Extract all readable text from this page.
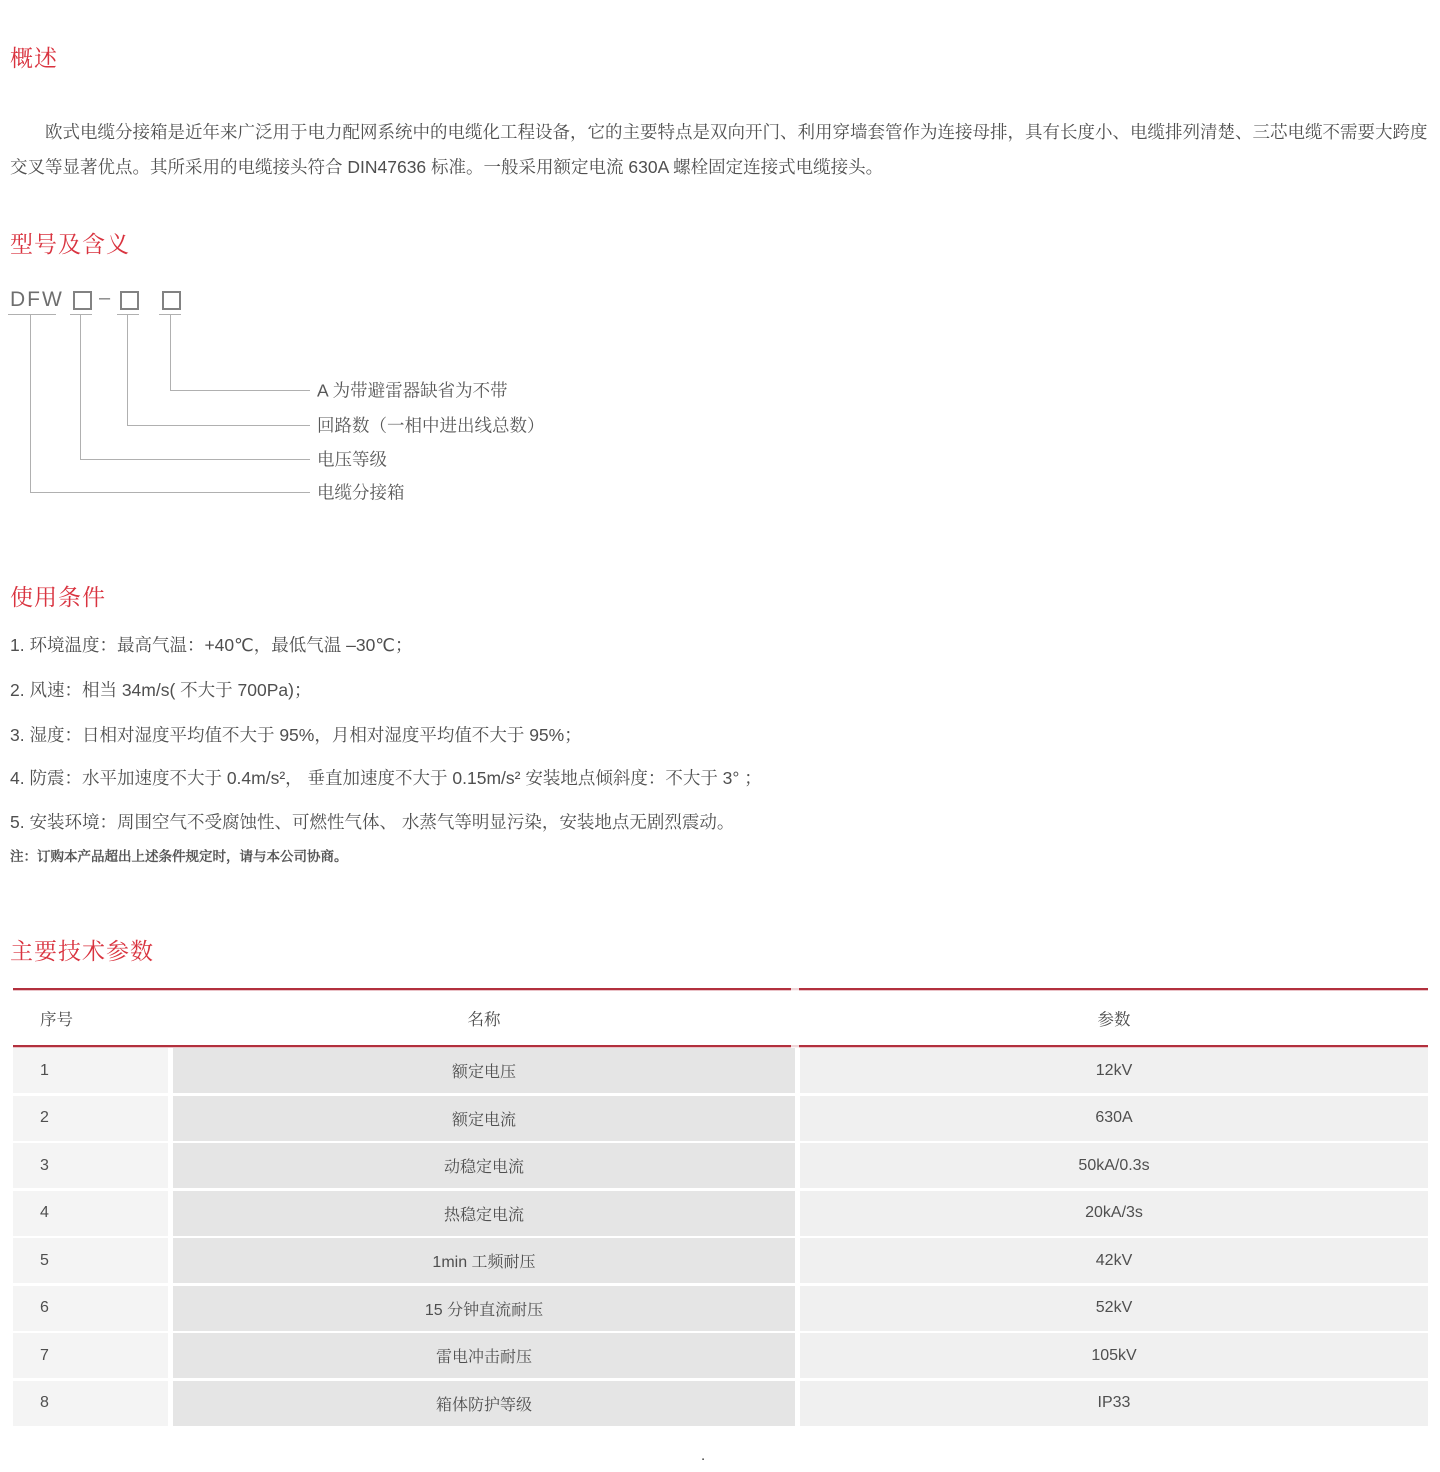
概述

欧式电缆分接箱是近年来广泛用于电力配网系统中的电缆化工程设备，它的主要特点是双向开门、利用穿墙套管作为连接母排，具有长度小、电缆排列清楚、三芯电缆不需要大跨度交叉等显著优点。其所采用的电缆接头符合 DIN47636 标准。一般采用额定电流 630A 螺栓固定连接式电缆接头。

型号及含义
DFW –
A 为带避雷器缺省为不带
回路数（一相中进出线总数）
电压等级
电缆分接箱
使用条件
1. 环境温度：最高气温：+40℃，最低气温 –30℃；
2. 风速：相当 34m/s( 不大于 700Pa)；
3. 湿度：日相对湿度平均值不大于 95%，月相对湿度平均值不大于 95%；
4. 防震：水平加速度不大于 0.4m/s²， 垂直加速度不大于 0.15m/s² 安装地点倾斜度：不大于 3° ；
5. 安装环境：周围空气不受腐蚀性、可燃性气体、 水蒸气等明显污染，安装地点无剧烈震动。
注：订购本产品超出上述条件规定时，请与本公司协商。
主要技术参数
序号	名称	参数
1	额定电压	12kV
2	额定电流	630A
3	动稳定电流	50kA/0.3s
4	热稳定电流	20kA/3s
5	1min 工频耐压	42kV
6	15 分钟直流耐压	52kV
7	雷电冲击耐压	105kV
8	箱体防护等级	IP33
.
